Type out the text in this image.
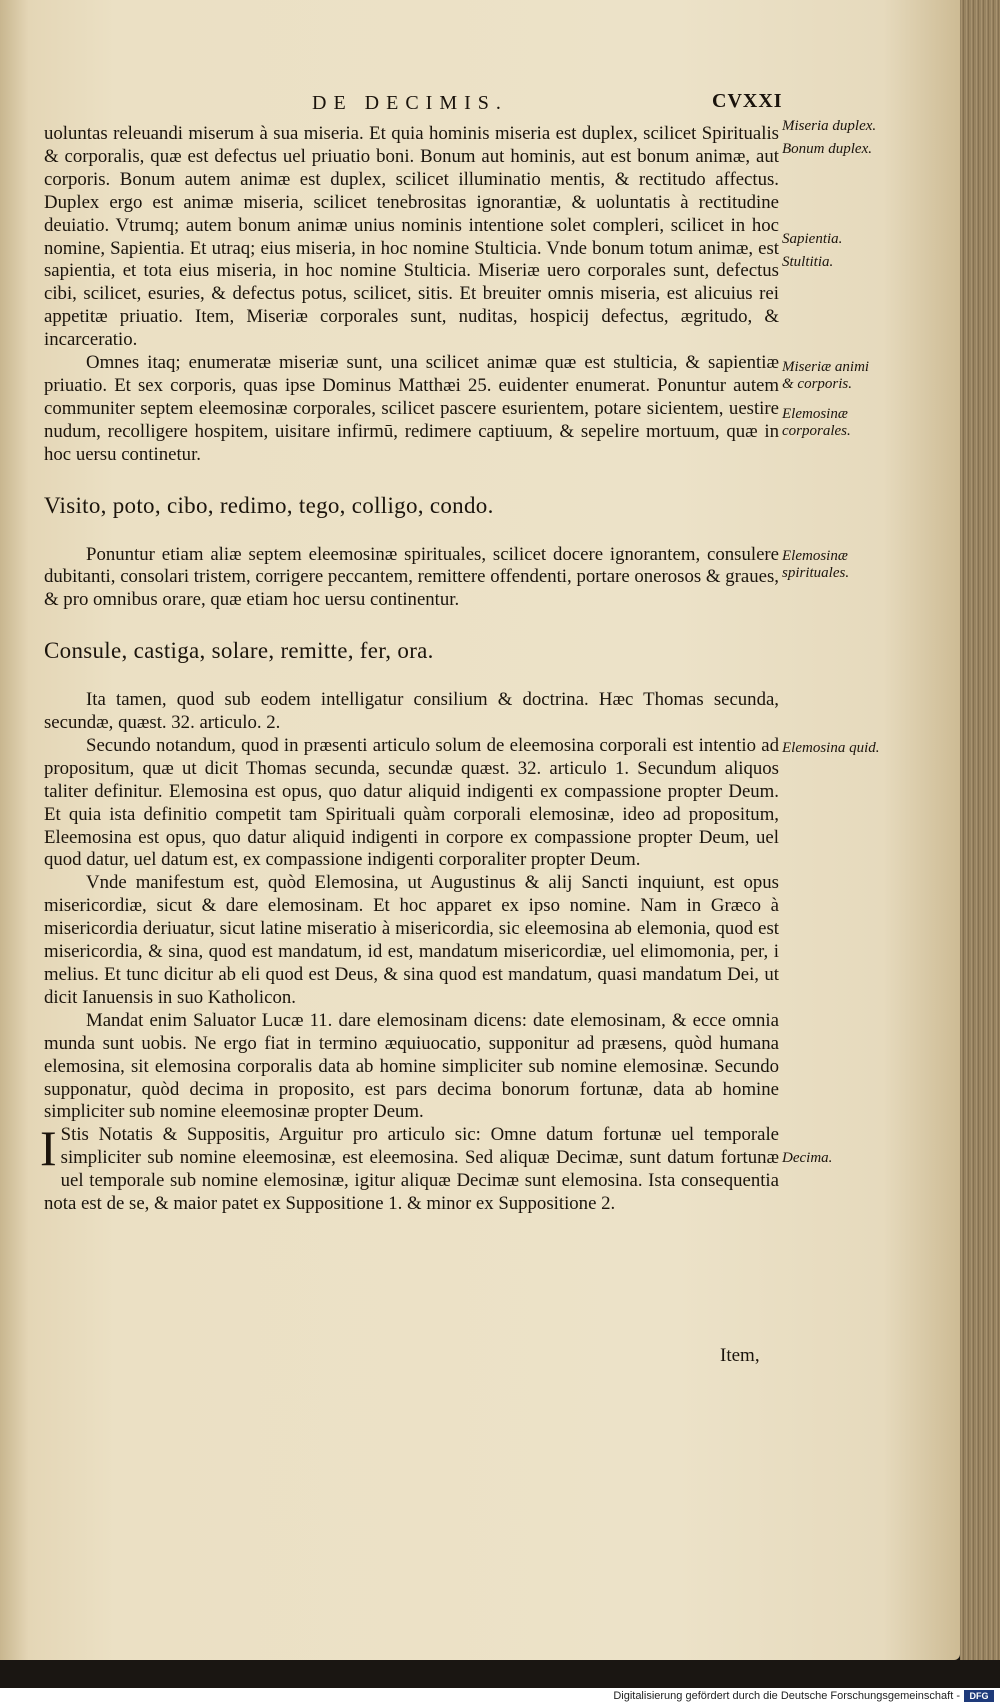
DE DECIMIS.	CVXXI

uoluntas releuandi miserum à sua miseria. Et quia hominis miseria est duplex, scilicet Spiritualis & corporalis, quæ est defectus uel priuatio boni. Bonum aut hominis, aut est bonum animæ, aut corporis. Bonum autem animæ est duplex, scilicet illuminatio mentis, & rectitudo affectus. Duplex ergo est animæ miseria, scilicet tenebrositas ignorantiæ, & uoluntatis à rectitudine deuiatio. Vtrumq; autem bonum animæ unius nominis intentione solet compleri, scilicet in hoc nomine, Sapientia. Et utraq; eius miseria, in hoc nomine Stulticia. Vnde bonum totum animæ, est sapientia, et tota eius miseria, in hoc nomine Stulticia. Miseriæ uero corporales sunt, defectus cibi, scilicet, esuries, & defectus potus, scilicet, sitis. Et breuiter omnis miseria, est alicuius rei appetitæ priuatio. Item, Miseriæ corporales sunt, nuditas, hospicij defectus, ægritudo, & incarceratio.

Omnes itaq; enumeratæ miseriæ sunt, una scilicet animæ quæ est stulticia, & sapientiæ priuatio. Et sex corporis, quas ipse Dominus Matthæi 25. euidenter enumerat. Ponuntur autem communiter septem eleemosinæ corporales, scilicet pascere esurientem, potare sicientem, uestire nudum, recolligere hospitem, uisitare infirmū, redimere captiuum, & sepelire mortuum, quæ in hoc uersu continetur.

Visito, poto, cibo, redimo, tego, colligo, condo.

Ponuntur etiam aliæ septem eleemosinæ spirituales, scilicet docere ignorantem, consulere dubitanti, consolari tristem, corrigere peccantem, remittere offendenti, portare onerosos & graues, & pro omnibus orare, quæ etiam hoc uersu continentur.

Consule, castiga, solare, remitte, fer, ora.

Ita tamen, quod sub eodem intelligatur consilium & doctrina. Hæc Thomas secunda, secundæ, quæst. 32. articulo. 2.

Secundo notandum, quod in præsenti articulo solum de eleemosina corporali est intentio ad propositum, quæ ut dicit Thomas secunda, secundæ quæst. 32. articulo 1. Secundum aliquos taliter definitur. Elemosina est opus, quo datur aliquid indigenti ex compassione propter Deum. Et quia ista definitio competit tam Spirituali quàm corporali elemosinæ, ideo ad propositum, Eleemosina est opus, quo datur aliquid indigenti in corpore ex compassione propter Deum, uel quod datur, uel datum est, ex compassione indigenti corporaliter propter Deum.

Vnde manifestum est, quòd Elemosina, ut Augustinus & alij Sancti inquiunt, est opus misericordiæ, sicut & dare elemosinam. Et hoc apparet ex ipso nomine. Nam in Græco à misericordia deriuatur, sicut latine miseratio à misericordia, sic eleemosina ab elemonia, quod est misericordia, & sina, quod est mandatum, id est, mandatum misericordiæ, uel elimomonia, per, i melius. Et tunc dicitur ab eli quod est Deus, & sina quod est mandatum, quasi mandatum Dei, ut dicit Ianuensis in suo Katholicon.

Mandat enim Saluator Lucæ 11. dare elemosinam dicens: date elemosinam, & ecce omnia munda sunt uobis. Ne ergo fiat in termino æquiuocatio, supponitur ad præsens, quòd humana elemosina, sit elemosina corporalis data ab homine simpliciter sub nomine elemosinæ. Secundo supponatur, quòd decima in proposito, est pars decima bonorum fortunæ, data ab homine simpliciter sub nomine eleemosinæ propter Deum.

I Stis Notatis & Suppositis, Arguitur pro articulo sic: Omne datum fortunæ uel temporale simpliciter sub nomine eleemosinæ, est eleemosina. Sed aliquæ Decimæ, sunt datum fortunæ uel temporale sub nomine elemosinæ, igitur aliquæ Decimæ sunt elemosina. Ista consequentia nota est de se, & maior patet ex Suppositione 1. & minor ex Suppositione 2.

Miseria duplex.
Bonum duplex.
Sapientia.
Stultitia.
Miseriæ animi & corporis.
Elemosinæ corporales.
Elemosinæ spirituales.
Elemosina quid.
Decima.
Item,
Digitalisierung gefördert durch die Deutsche Forschungsgemeinschaft -	DFG
